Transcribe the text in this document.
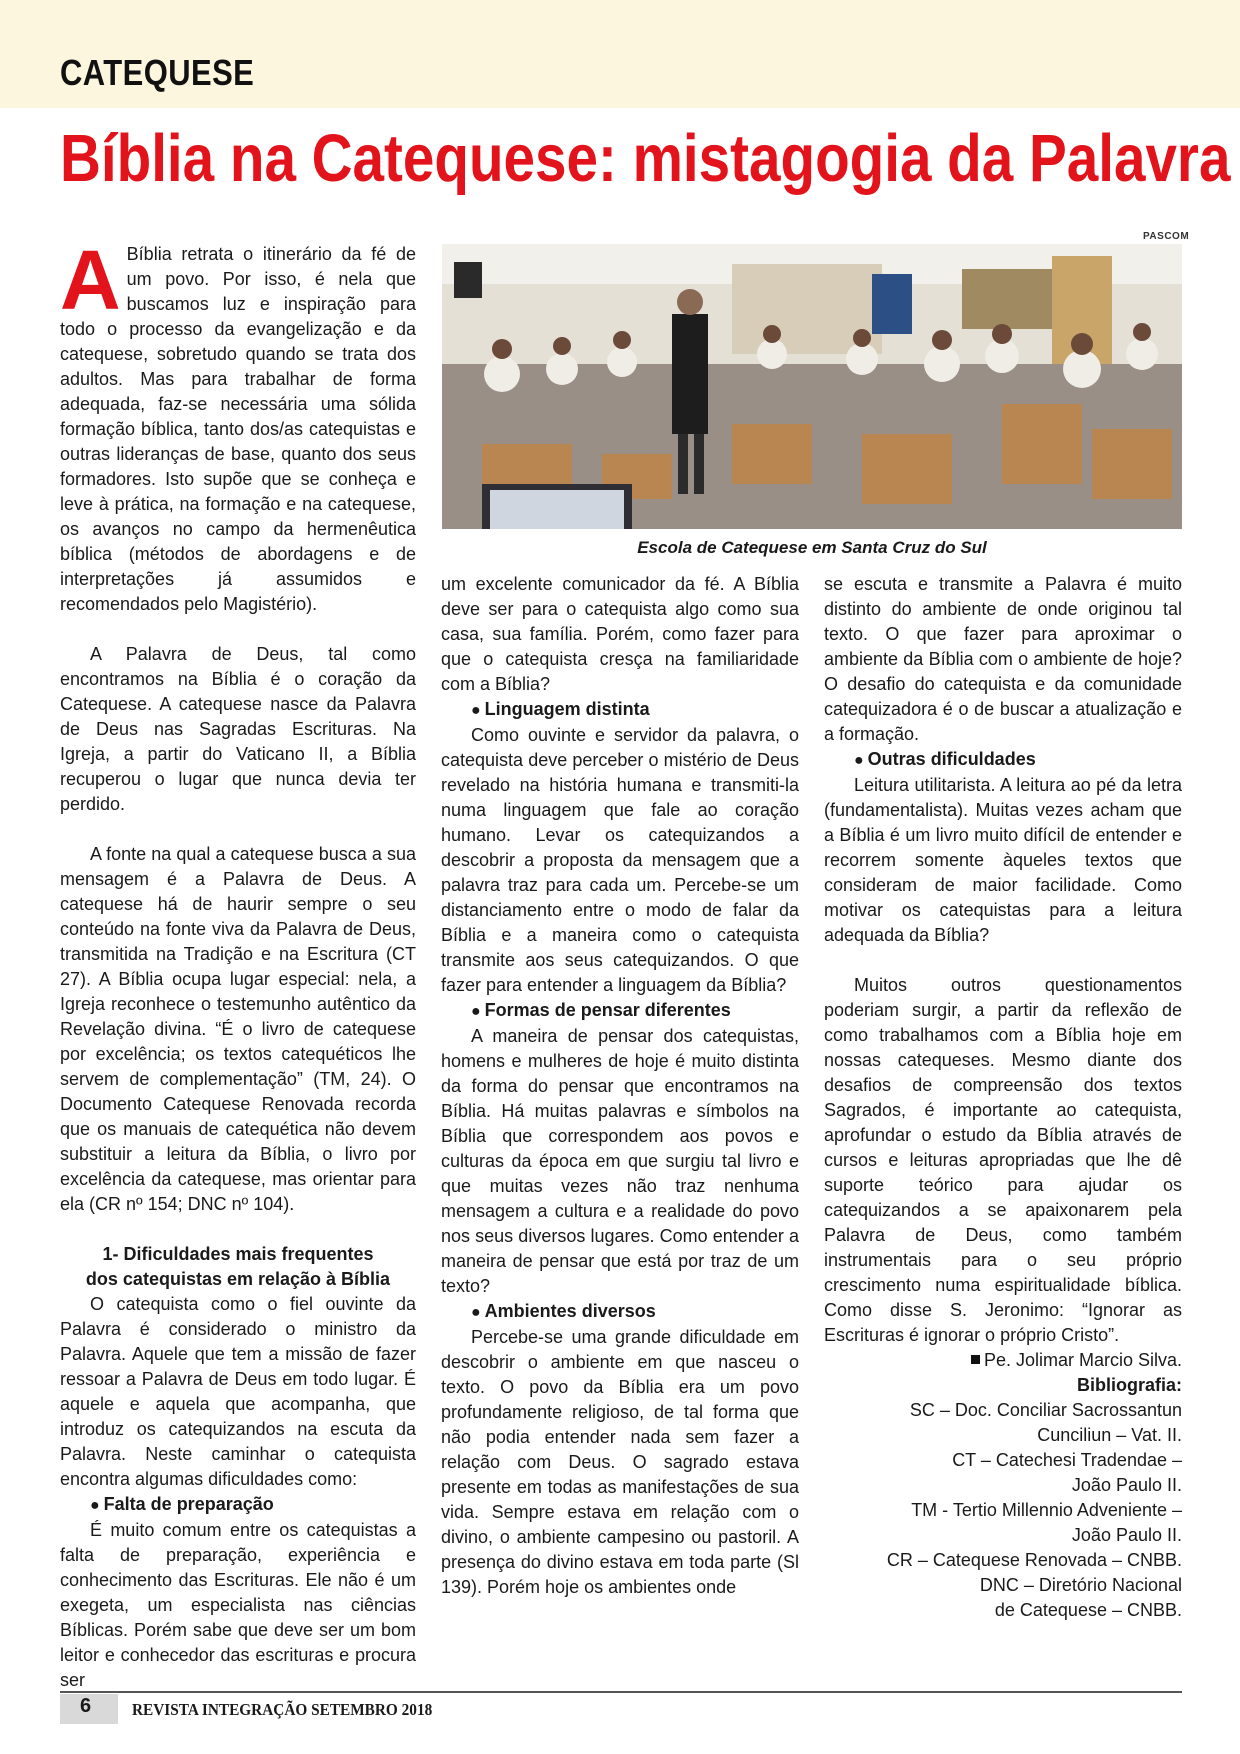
CATEQUESE
Bíblia na Catequese: mistagogia da Palavra

A Bíblia retrata o itinerário da fé de um povo. Por isso, é nela que buscamos luz e inspiração para todo o processo da evangelização e da catequese, sobretudo quando se trata dos adultos. Mas para trabalhar de forma adequada, faz-se necessária uma sólida formação bíblica, tanto dos/as catequistas e outras lideranças de base, quanto dos seus formadores. Isto supõe que se conheça e leve à prática, na formação e na catequese, os avanços no campo da hermenêutica bíblica (métodos de abordagens e de interpretações já assumidos e recomendados pelo Magistério).

A Palavra de Deus, tal como encontramos na Bíblia é o coração da Catequese. A catequese nasce da Palavra de Deus nas Sagradas Escrituras. Na Igreja, a partir do Vaticano II, a Bíblia recuperou o lugar que nunca devia ter perdido.

A fonte na qual a catequese busca a sua mensagem é a Palavra de Deus. A catequese há de haurir sempre o seu conteúdo na fonte viva da Palavra de Deus, transmitida na Tradição e na Escritura (CT 27). A Bíblia ocupa lugar especial: nela, a Igreja reconhece o testemunho autêntico da Revelação divina. “É o livro de catequese por excelência; os textos catequéticos lhe servem de complementação” (TM, 24). O Documento Catequese Renovada recorda que os manuais de catequética não devem substituir a leitura da Bíblia, o livro por excelência da catequese, mas orientar para ela (CR nº 154; DNC nº 104).

1- Dificuldades mais frequentes
dos catequistas em relação à Bíblia

O catequista como o fiel ouvinte da Palavra é considerado o ministro da Palavra. Aquele que tem a missão de fazer ressoar a Palavra de Deus em todo lugar. É aquele e aquela que acompanha, que introduz os catequizandos na escuta da Palavra. Neste caminhar o catequista encontra algumas dificuldades como:

● Falta de preparação

É muito comum entre os catequistas a falta de preparação, experiência e conhecimento das Escrituras. Ele não é um exegeta, um especialista nas ciências Bíblicas. Porém sabe que deve ser um bom leitor e conhecedor das escrituras e procura ser

PASCOM
Escola de Catequese em Santa Cruz do Sul

um excelente comunicador da fé. A Bíblia deve ser para o catequista algo como sua casa, sua família. Porém, como fazer para que o catequista cresça na familiaridade com a Bíblia?

● Linguagem distinta

Como ouvinte e servidor da palavra, o catequista deve perceber o mistério de Deus revelado na história humana e transmiti-la numa linguagem que fale ao coração humano. Levar os catequizandos a descobrir a proposta da mensagem que a palavra traz para cada um. Percebe-se um distanciamento entre o modo de falar da Bíblia e a maneira como o catequista transmite aos seus catequizandos. O que fazer para entender a linguagem da Bíblia?

● Formas de pensar diferentes

A maneira de pensar dos catequistas, homens e mulheres de hoje é muito distinta da forma do pensar que encontramos na Bíblia. Há muitas palavras e símbolos na Bíblia que correspondem aos povos e culturas da época em que surgiu tal livro e que muitas vezes não traz nenhuma mensagem a cultura e a realidade do povo nos seus diversos lugares. Como entender a maneira de pensar que está por traz de um texto?

● Ambientes diversos

Percebe-se uma grande dificuldade em descobrir o ambiente em que nasceu o texto. O povo da Bíblia era um povo profundamente religioso, de tal forma que não podia entender nada sem fazer a relação com Deus. O sagrado estava presente em todas as manifestações de sua vida. Sempre estava em relação com o divino, o ambiente campesino ou pastoril. A presença do divino estava em toda parte (Sl 139). Porém hoje os ambientes onde

se escuta e transmite a Palavra é muito distinto do ambiente de onde originou tal texto. O que fazer para aproximar o ambiente da Bíblia com o ambiente de hoje? O desafio do catequista e da comunidade catequizadora é o de buscar a atualização e a formação.

● Outras dificuldades

Leitura utilitarista. A leitura ao pé da letra (fundamentalista). Muitas vezes acham que a Bíblia é um livro muito difícil de entender e recorrem somente àqueles textos que consideram de maior facilidade. Como motivar os catequistas para a leitura adequada da Bíblia?

Muitos outros questionamentos poderiam surgir, a partir da reflexão de como trabalhamos com a Bíblia hoje em nossas catequeses. Mesmo diante dos desafios de compreensão dos textos Sagrados, é importante ao catequista, aprofundar o estudo da Bíblia através de cursos e leituras apropriadas que lhe dê suporte teórico para ajudar os catequizandos a se apaixonarem pela Palavra de Deus, como também instrumentais para o seu próprio crescimento numa espiritualidade bíblica. Como disse S. Jeronimo: “Ignorar as Escrituras é ignorar o próprio Cristo”.

Pe. Jolimar Marcio Silva.

Bibliografia:

SC – Doc. Conciliar Sacrossantun

Cunciliun – Vat. II.

CT – Catechesi Tradendae –

João Paulo II.

TM - Tertio Millennio Adveniente –

João Paulo II.

CR – Catequese Renovada – CNBB.

DNC – Diretório Nacional

de Catequese – CNBB.

6 REVISTA INTEGRAÇÃO SETEMBRO 2018
